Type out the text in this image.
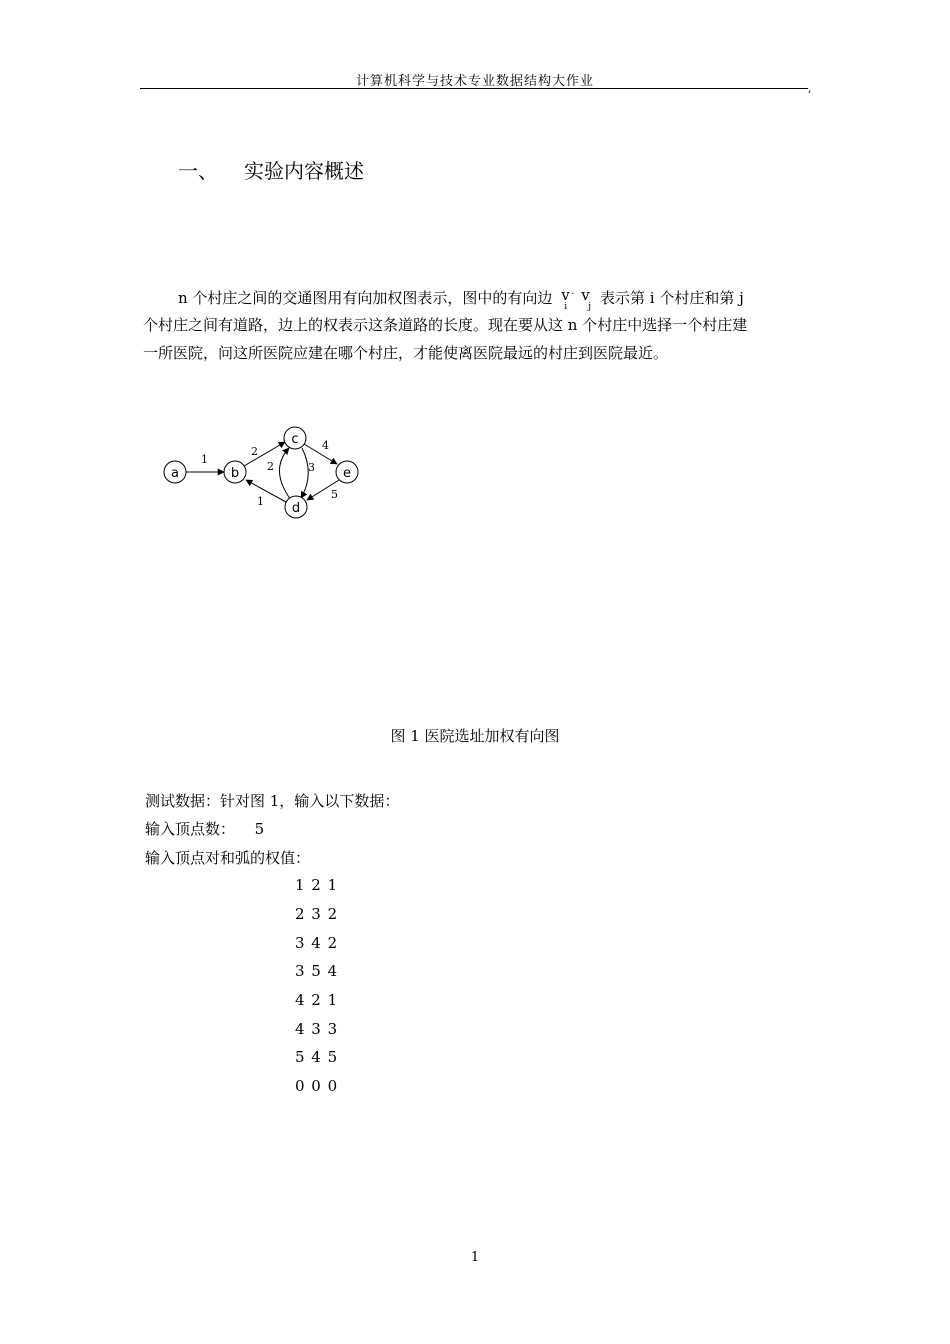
计算机科学与技术专业数据结构大作业	,
一、 实验内容概述
n 个村庄之间的交通图用有向加权图表示，图中的有向边 v
i
· v
j 表示第 i 个村庄和第 j
个村庄之间有道路，边上的权表示这条道路的长度。现在要从这 n 个村庄中选择一个村庄建
一所医院，问这所医院应建在哪个村庄，才能使离医院最远的村庄到医院最近。
a	b
c
d
e
1
2
2	3
1
4
5
图 1 医院选址加权有向图
测试数据：针对图 1，输入以下数据：
输入顶点数： 5
输入顶点对和弧的权值：
1 2 1
2 3 2
3 4 2
3 5 4
4 2 1
4 3 3
5 4 5
0 0 0
1
